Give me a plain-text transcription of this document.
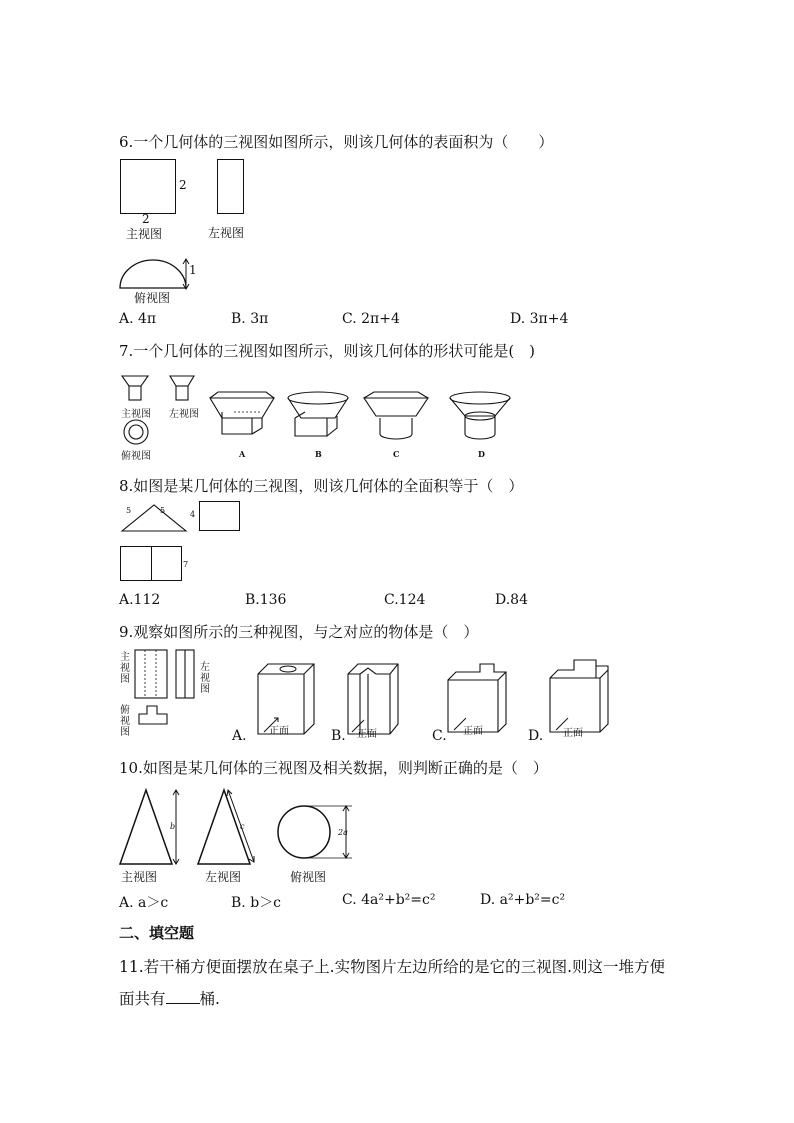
6.一个几何体的三视图如图所示，则该几何体的表面积为（　　）
2
2
主视图	左视图
1
俯视图
A. 4π	B. 3π	C. 2π+4	D. 3π+4
7.一个几何体的三视图如图所示，则该几何体的形状可能是(　)
主视图 左视图
俯视图	A	B	C	D
8.如图是某几何体的三视图，则该几何体的全面积等于（　）
5	5	4
7
A.112	B.136	C.124	D.84
9.观察如图所示的三种视图，与之对应的物体是（　）
主视图
左视图
俯视图	A. 正面	B. 正面	C. 正面	D. 正面
10.如图是某几何体的三视图及相关数据，则判断正确的是（　）
b
主视图
c
左视图
2a
俯视图
A. a＞c	B. b＞c	C. 4a²+b²=c²	D. a²+b²=c²
二、填空题
11.若干桶方便面摆放在桌子上.实物图片左边所给的是它的三视图.则这一堆方便
面共有 桶.
